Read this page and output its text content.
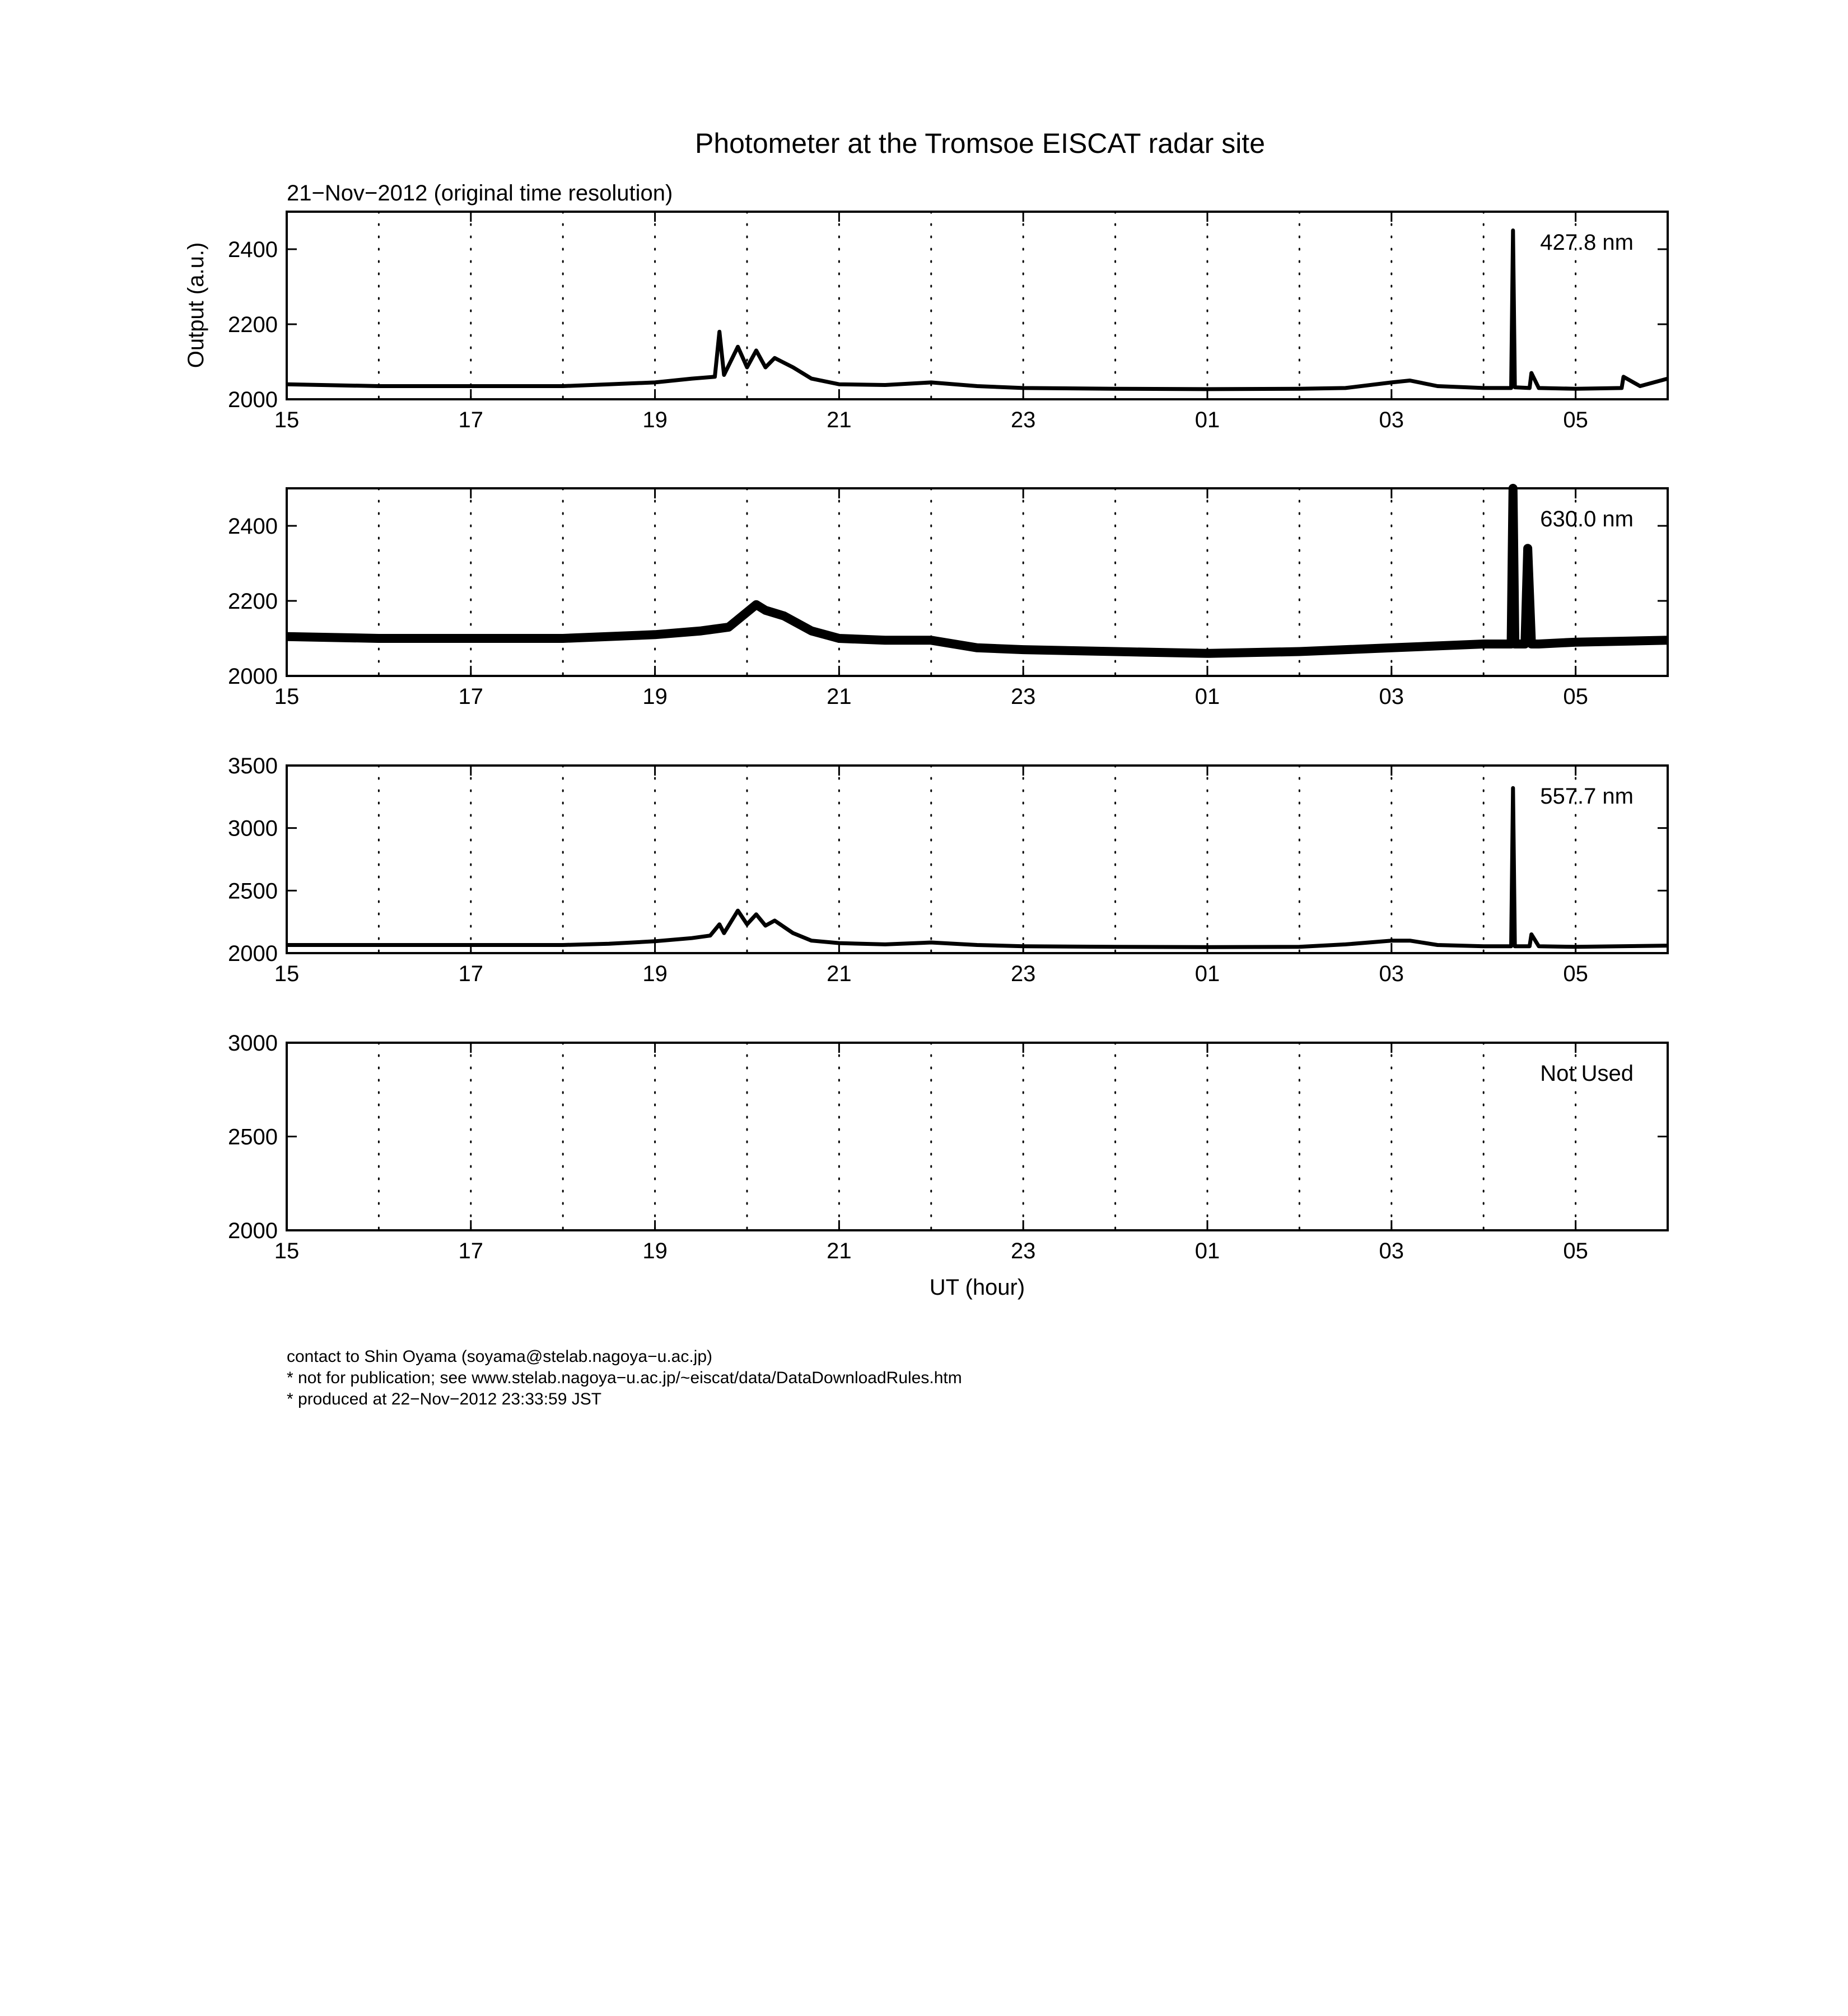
Photometer at the Tromsoe EISCAT radar site
21−Nov−2012 (original time resolution)
Output (a.u.)
UT (hour)
15	17	19	21	23	01	03	05
2000
2200
2400	427.8 nm
15	17	19	21	23	01	03	05
2000
2200
2400	630.0 nm
15	17	19	21	23	01	03	05
2000
2500
3000
3500
557.7 nm
15	17	19	21	23	01	03	05
2000
2500
3000
Not Used
contact to Shin Oyama (soyama@stelab.nagoya−u.ac.jp)
* not for publication; see www.stelab.nagoya−u.ac.jp/~eiscat/data/DataDownloadRules.htm
* produced at 22−Nov−2012 23:33:59 JST
